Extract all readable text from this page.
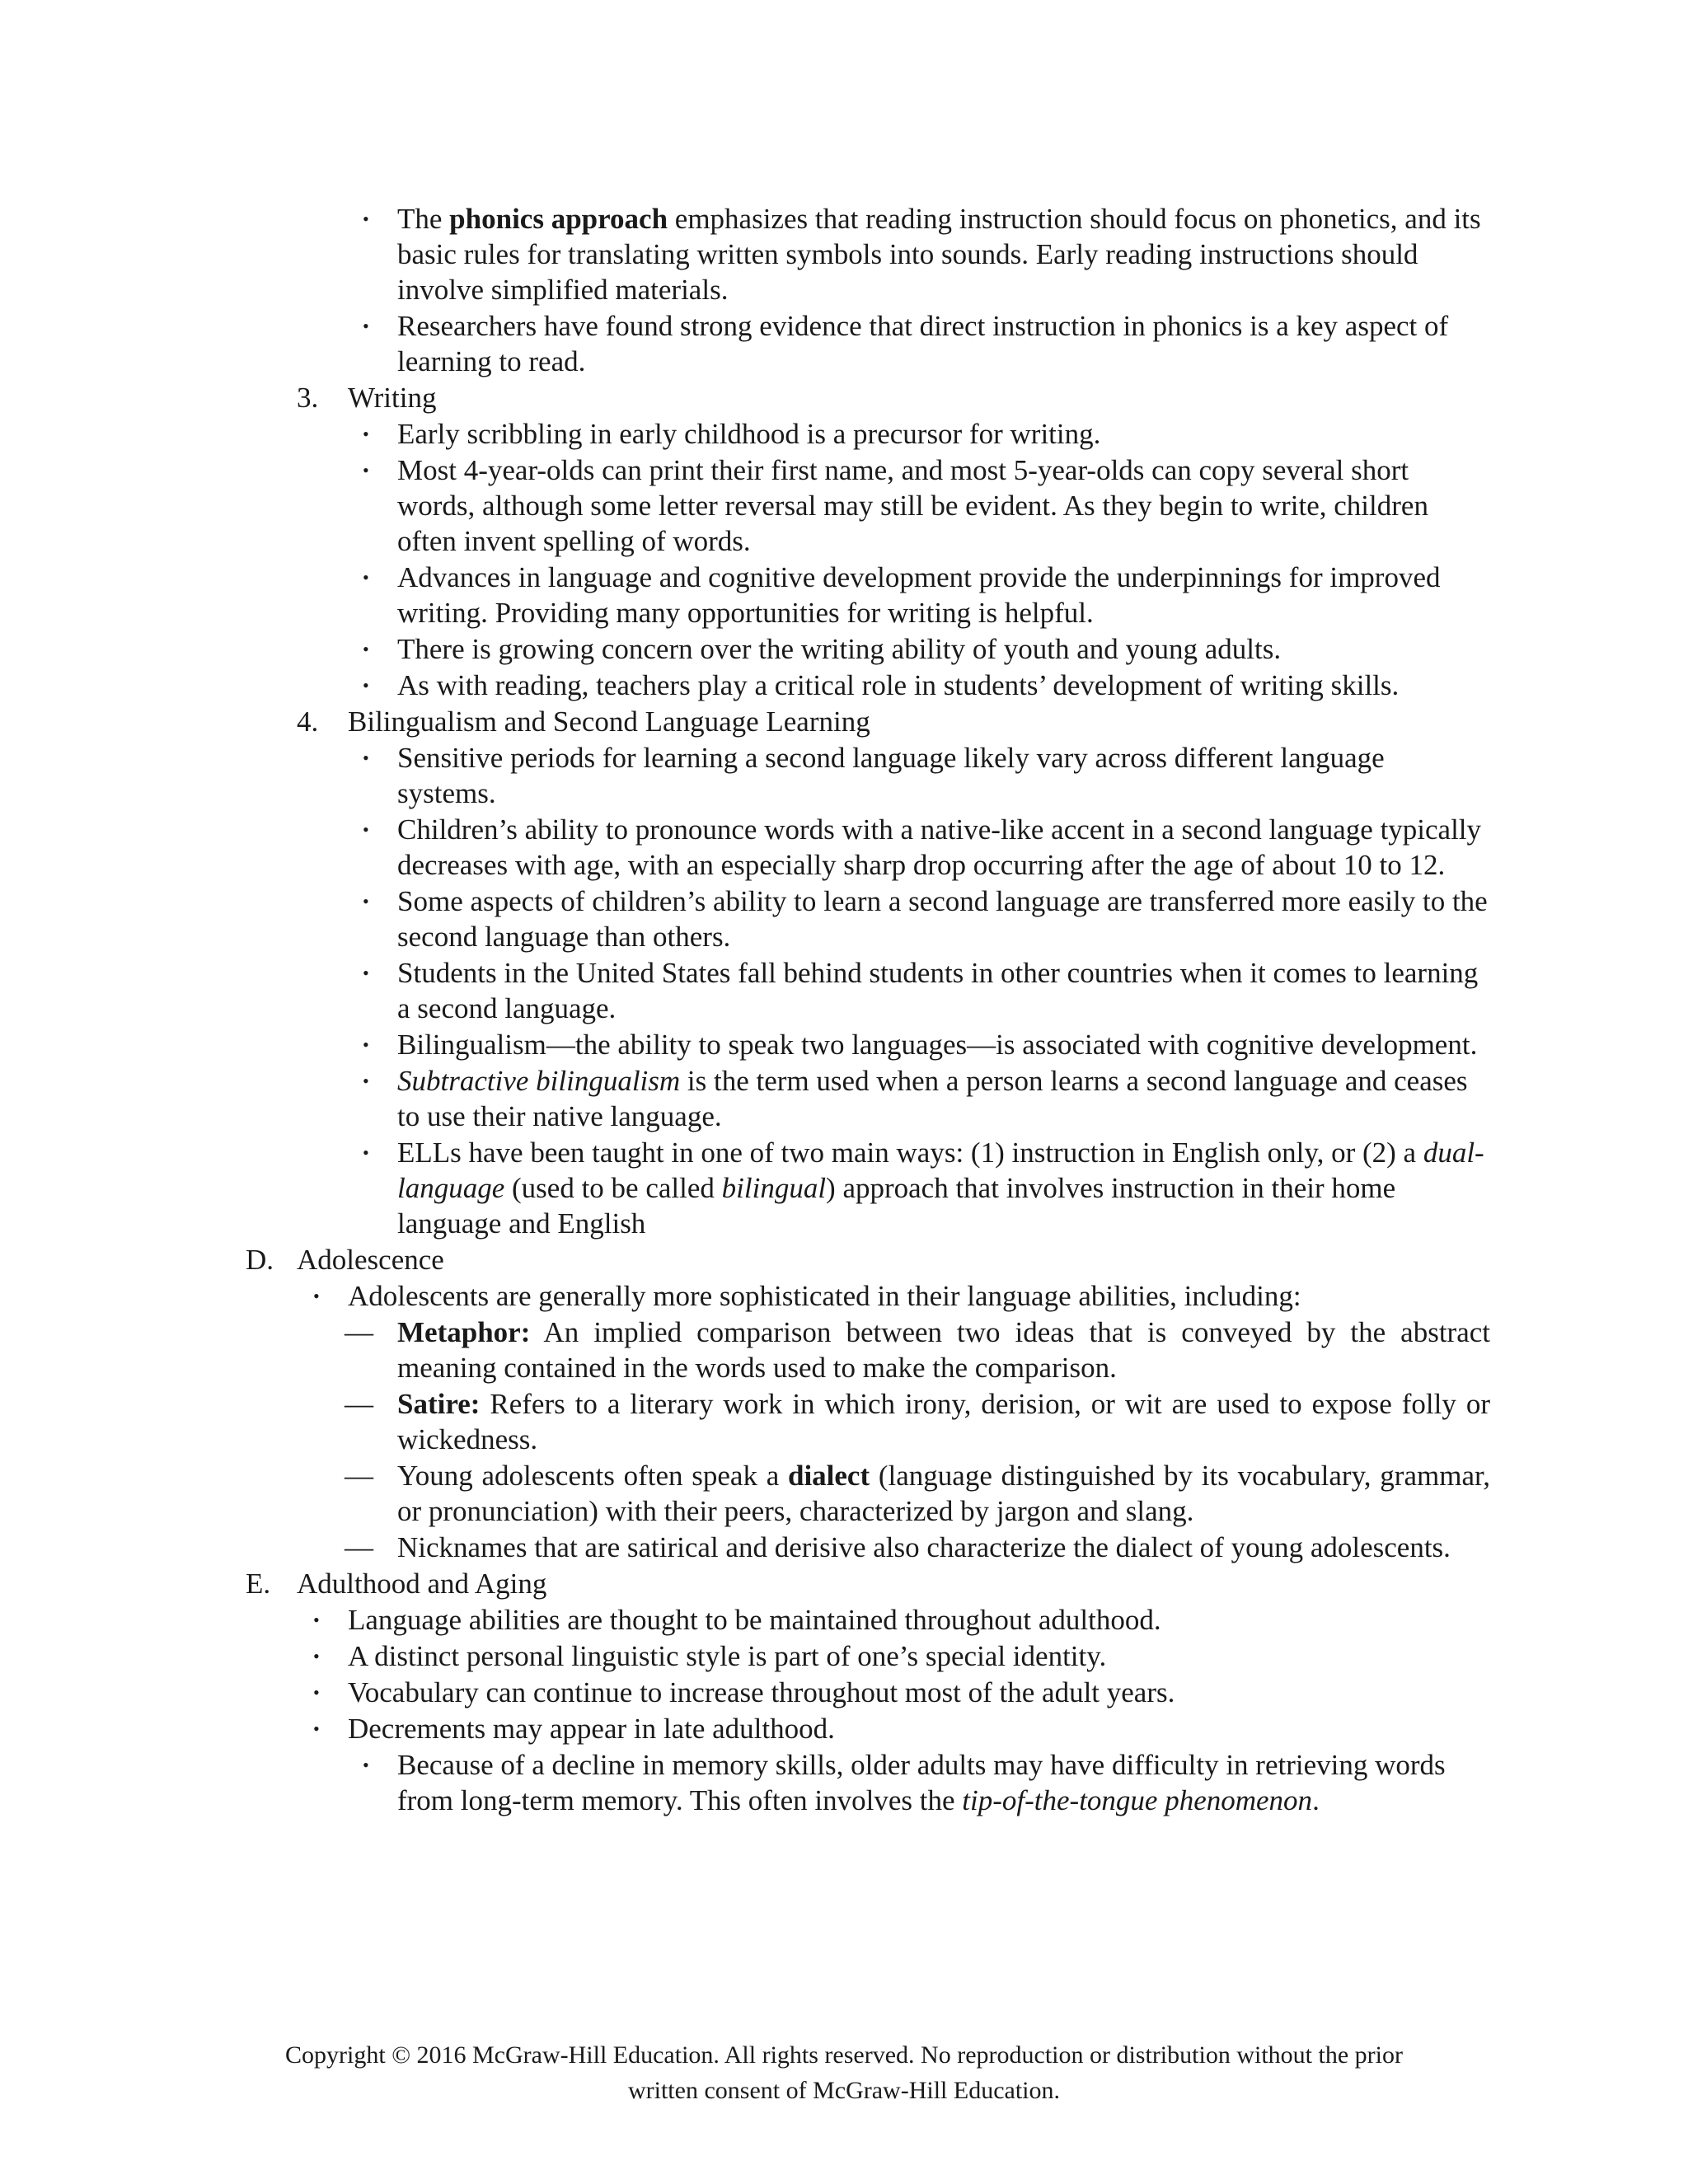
• The phonics approach emphasizes that reading instruction should focus on phonetics, and its basic rules for translating written symbols into sounds. Early reading instructions should involve simplified materials.
• Researchers have found strong evidence that direct instruction in phonics is a key aspect of learning to read.
3. Writing
• Early scribbling in early childhood is a precursor for writing.
• Most 4-year-olds can print their first name, and most 5-year-olds can copy several short words, although some letter reversal may still be evident. As they begin to write, children often invent spelling of words.
• Advances in language and cognitive development provide the underpinnings for improved writing. Providing many opportunities for writing is helpful.
• There is growing concern over the writing ability of youth and young adults.
• As with reading, teachers play a critical role in students’ development of writing skills.
4. Bilingualism and Second Language Learning
• Sensitive periods for learning a second language likely vary across different language systems.
• Children’s ability to pronounce words with a native-like accent in a second language typically decreases with age, with an especially sharp drop occurring after the age of about 10 to 12.
• Some aspects of children’s ability to learn a second language are transferred more easily to the second language than others.
• Students in the United States fall behind students in other countries when it comes to learning a second language.
• Bilingualism—the ability to speak two languages—is associated with cognitive development.
• Subtractive bilingualism is the term used when a person learns a second language and ceases to use their native language.
• ELLs have been taught in one of two main ways: (1) instruction in English only, or (2) a dual-language (used to be called bilingual) approach that involves instruction in their home language and English
D. Adolescence
• Adolescents are generally more sophisticated in their language abilities, including:
— Metaphor: An implied comparison between two ideas that is conveyed by the abstract meaning contained in the words used to make the comparison.
— Satire: Refers to a literary work in which irony, derision, or wit are used to expose folly or wickedness.
— Young adolescents often speak a dialect (language distinguished by its vocabulary, grammar, or pronunciation) with their peers, characterized by jargon and slang.
— Nicknames that are satirical and derisive also characterize the dialect of young adolescents.
E. Adulthood and Aging
• Language abilities are thought to be maintained throughout adulthood.
• A distinct personal linguistic style is part of one’s special identity.
• Vocabulary can continue to increase throughout most of the adult years.
• Decrements may appear in late adulthood.
• Because of a decline in memory skills, older adults may have difficulty in retrieving words from long-term memory. This often involves the tip-of-the-tongue phenomenon.
Copyright © 2016 McGraw-Hill Education. All rights reserved. No reproduction or distribution without the prior
written consent of McGraw-Hill Education.
